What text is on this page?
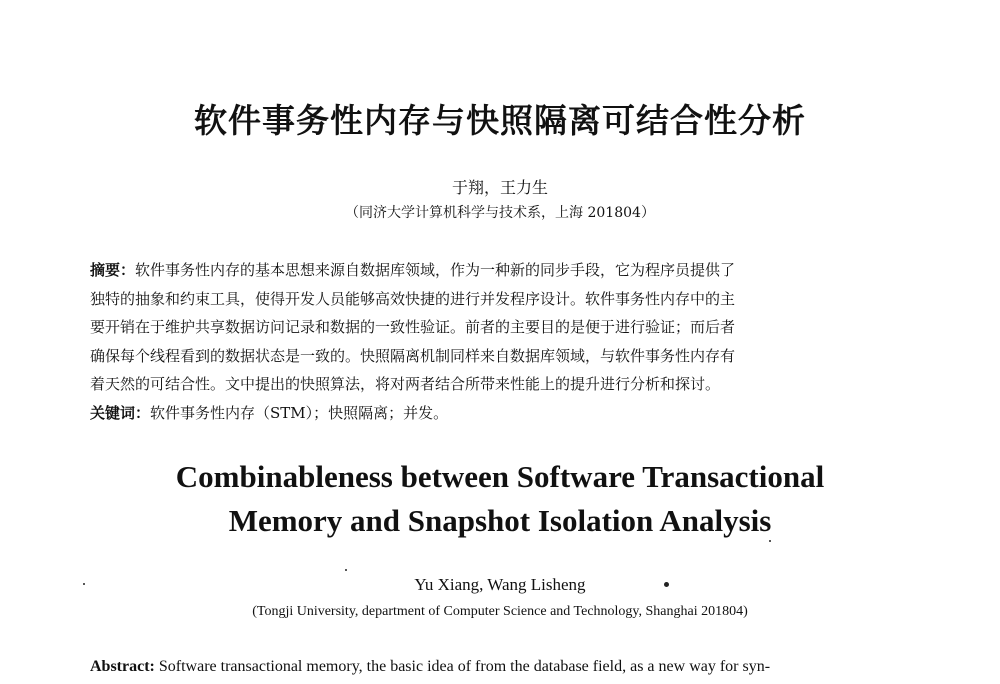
软件事务性内存与快照隔离可结合性分析
于翔，王力生
（同济大学计算机科学与技术系，上海 201804）
摘要：软件事务性内存的基本思想来源自数据库领域，作为一种新的同步手段，它为程序员提供了
独特的抽象和约束工具，使得开发人员能够高效快捷的进行并发程序设计。软件事务性内存中的主
要开销在于维护共享数据访问记录和数据的一致性验证。前者的主要目的是便于进行验证；而后者
确保每个线程看到的数据状态是一致的。快照隔离机制同样来自数据库领域，与软件事务性内存有
着天然的可结合性。文中提出的快照算法，将对两者结合所带来性能上的提升进行分析和探讨。
关键词：软件事务性内存（STM）；快照隔离；并发。
Combinableness between Software Transactional
Memory and Snapshot Isolation Analysis
Yu Xiang, Wang Lisheng
(Tongji University, department of Computer Science and Technology, Shanghai 201804)
Abstract: Software transactional memory, the basic idea of from the database field, as a new way for syn-
